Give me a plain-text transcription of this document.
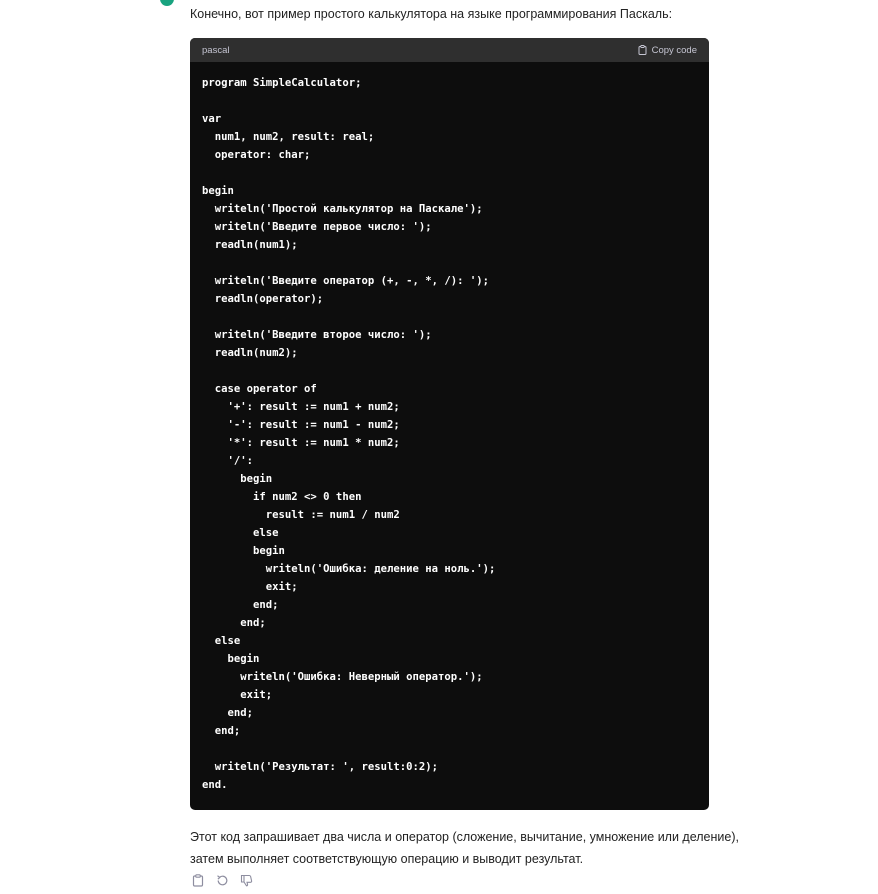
Конечно, вот пример простого калькулятора на языке программирования Паскаль:
pascal	Copy code
program SimpleCalculator;

var
num1, num2, result: real;
operator: char;

begin
writeln('Простой калькулятор на Паскале');
writeln('Введите первое число: ');
readln(num1);

writeln('Введите оператор (+, -, *, /): ');
readln(operator);

writeln('Введите второе число: ');
readln(num2);

case operator of
'+': result := num1 + num2;
'-': result := num1 - num2;
'*': result := num1 * num2;
'/':
begin
if num2 <> 0 then
result := num1 / num2
else
begin
writeln('Ошибка: деление на ноль.');
exit;
end;
end;
else
begin
writeln('Ошибка: Неверный оператор.');
exit;
end;
end;

writeln('Результат: ', result:0:2);
end.
Этот код запрашивает два числа и оператор (сложение, вычитание, умножение или деление),
затем выполняет соответствующую операцию и выводит результат.
